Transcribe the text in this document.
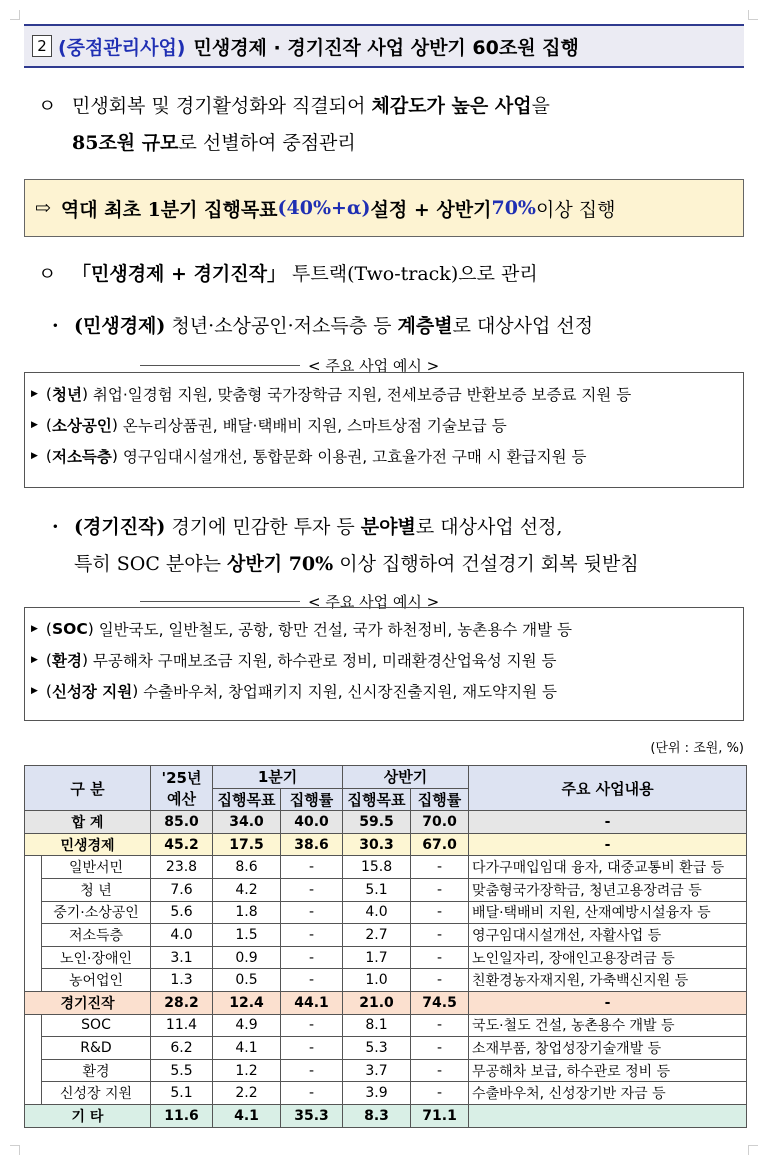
2 (중점관리사업) 민생경제 · 경기진작 사업 상반기 60조원 집행
ㅇ 민생회복 및 경기활성화와 직결되어 체감도가 높은 사업을
85조원 규모로 선별하여 중점관리
⇨ 역대 최초 1분기 집행목표 (40%+α) 설정 + 상반기 70% 이상 집행
ㅇ 「민생경제 + 경기진작」 투트랙(Two-track)으로 관리
· (민생경제) 청년·소상공인·저소득층 등 계층별로 대상사업 선정
< 주요 사업 예시 >
▶ ( 청년 ) 취업·일경험 지원, 맞춤형 국가장학금 지원, 전세보증금 반환보증 보증료 지원 등
▶ ( 소상공인 ) 온누리상품권, 배달·택배비 지원, 스마트상점 기술보급 등
▶ ( 저소득층 ) 영구임대시설개선, 통합문화 이용권, 고효율가전 구매 시 환급지원 등
· (경기진작) 경기에 민감한 투자 등 분야별로 대상사업 선정,
특히 SOC 분야는 상반기 70% 이상 집행하여 건설경기 회복 뒷받침
< 주요 사업 예시 >
▶ ( SOC ) 일반국도, 일반철도, 공항, 항만 건설, 국가 하천정비, 농촌용수 개발 등
▶ ( 환경 ) 무공해차 구매보조금 지원, 하수관로 정비, 미래환경산업육성 지원 등
▶ ( 신성장 지원 ) 수출바우처, 창업패키지 지원, 신시장진출지원, 재도약지원 등
(단위 : 조원, %)
구 분		'25년
예산	1분기		상반기		주요 사업내용
			집행목표	집행률	집행목표	집행률	
합 계		85.0	34.0	40.0	59.5	70.0	-
민생경제		45.2	17.5	38.6	30.3	67.0	-
	일반서민	23.8	8.6	-	15.8	-	다가구매입임대 융자, 대중교통비 환급 등
	청 년	7.6	4.2	-	5.1	-	맞춤형국가장학금, 청년고용장려금 등
	중기·소상공인	5.6	1.8	-	4.0	-	배달·택배비 지원, 산재예방시설융자 등
	저소득층	4.0	1.5	-	2.7	-	영구임대시설개선, 자활사업 등
	노인·장애인	3.1	0.9	-	1.7	-	노인일자리, 장애인고용장려금 등
	농어업인	1.3	0.5	-	1.0	-	친환경농자재지원, 가축백신지원 등
경기진작		28.2	12.4	44.1	21.0	74.5	-
	SOC	11.4	4.9	-	8.1	-	국도·철도 건설, 농촌용수 개발 등
	R&D	6.2	4.1	-	5.3	-	소재부품, 창업성장기술개발 등
	환경	5.5	1.2	-	3.7	-	무공해차 보급, 하수관로 정비 등
	신성장 지원	5.1	2.2	-	3.9	-	수출바우처, 신성장기반 자금 등
기 타		11.6	4.1	35.3	8.3	71.1	
